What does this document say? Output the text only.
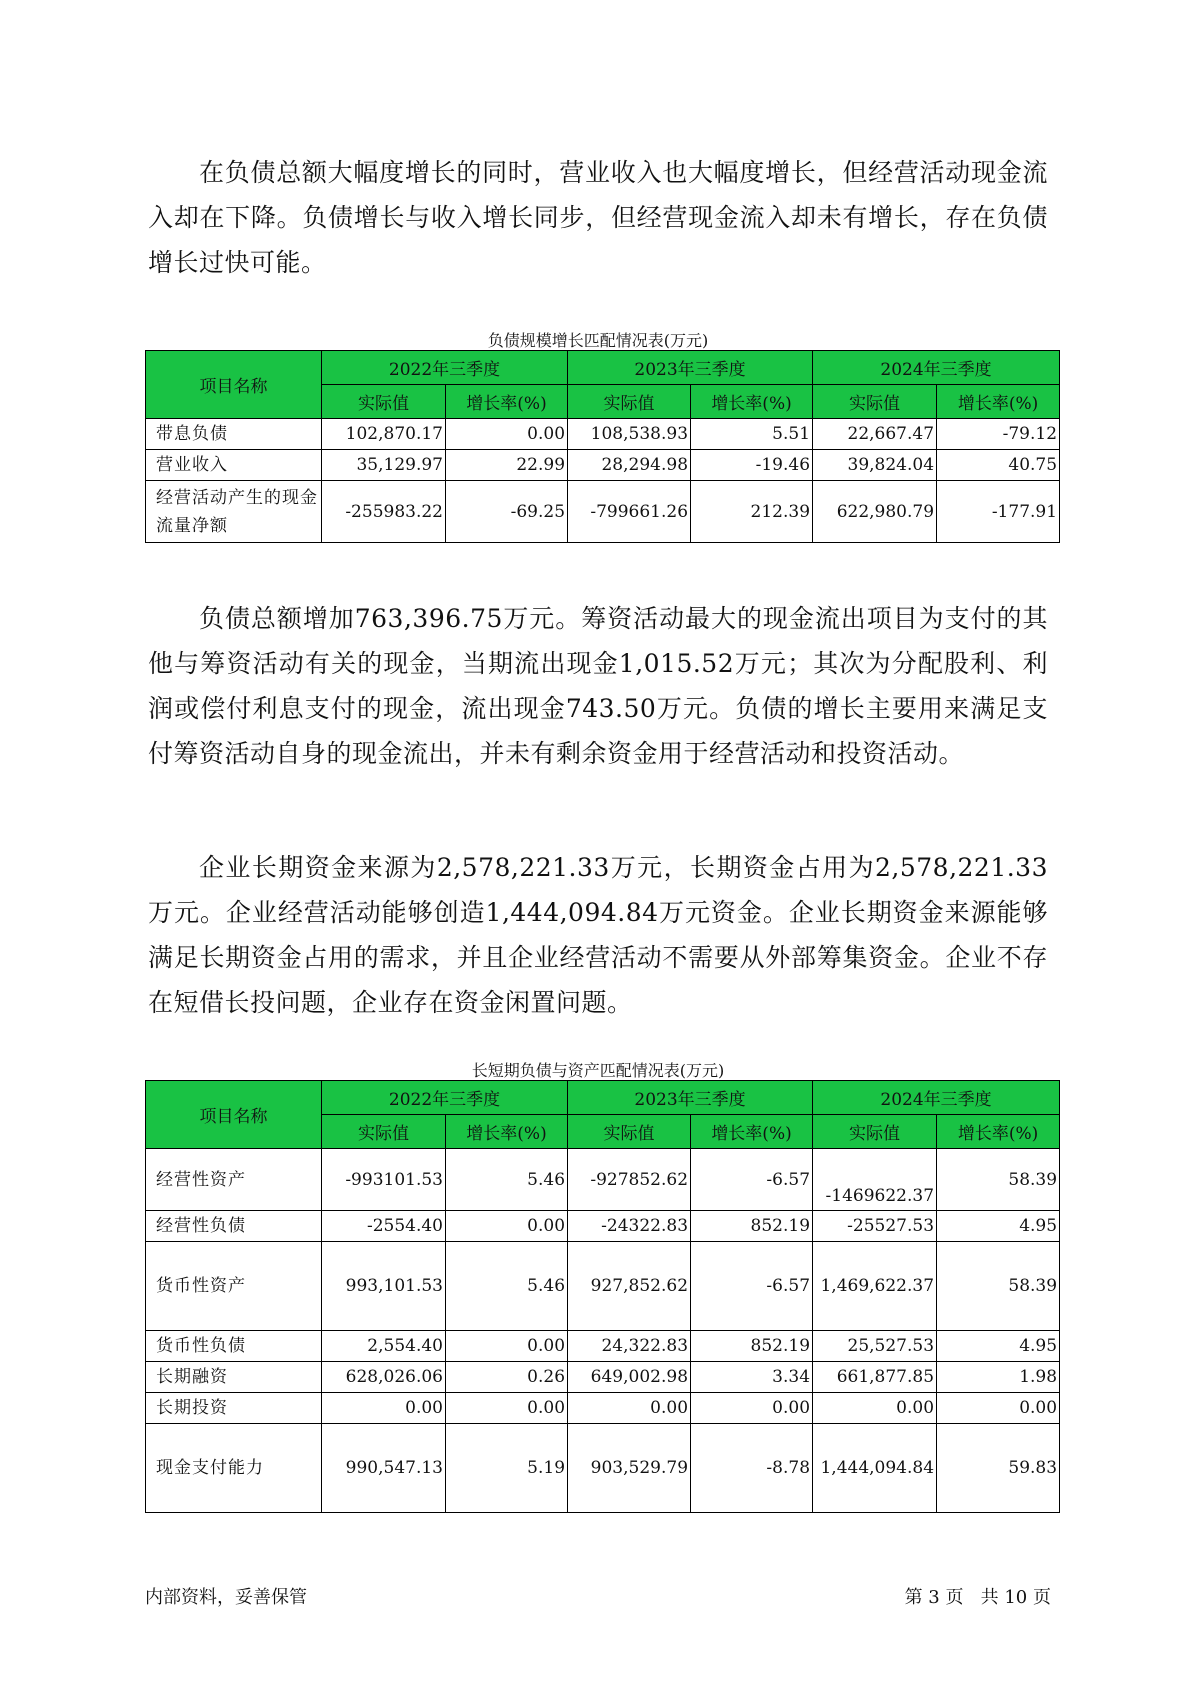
在负债总额大幅度增长的同时，营业收入也大幅度增长，但经营活动现金流入却在下降。负债增长与收入增长同步，但经营现金流入却未有增长，存在负债增长过快可能。

负债规模增长匹配情况表(万元)
项目名称	2022年三季度		2023年三季度		2024年三季度	
	实际值	增长率(%)	实际值	增长率(%)	实际值	增长率(%)
带息负债	102,870.17	0.00	108,538.93	5.51	22,667.47	-79.12
营业收入	35,129.97	22.99	28,294.98	-19.46	39,824.04	40.75
经营活动产生的现金流量净额	-255983.22	-69.25	-799661.26	212.39	622,980.79	-177.91

负债总额增加763,396.75万元。筹资活动最大的现金流出项目为支付的其他与筹资活动有关的现金，当期流出现金1,015.52万元；其次为分配股利、利润或偿付利息支付的现金，流出现金743.50万元。负债的增长主要用来满足支付筹资活动自身的现金流出，并未有剩余资金用于经营活动和投资活动。

企业长期资金来源为2,578,221.33万元，长期资金占用为2,578,221.33万元。企业经营活动能够创造1,444,094.84万元资金。企业长期资金来源能够满足长期资金占用的需求，并且企业经营活动不需要从外部筹集资金。企业不存在短借长投问题，企业存在资金闲置问题。

长短期负债与资产匹配情况表(万元)
项目名称	2022年三季度		2023年三季度		2024年三季度	
	实际值	增长率(%)	实际值	增长率(%)	实际值	增长率(%)
经营性资产	-993101.53	5.46	-927852.62	-6.57	-1469622.37	58.39
经营性负债	-2554.40	0.00	-24322.83	852.19	-25527.53	4.95
货币性资产	993,101.53	5.46	927,852.62	-6.57	1,469,622.37	58.39
货币性负债	2,554.40	0.00	24,322.83	852.19	25,527.53	4.95
长期融资	628,026.06	0.26	649,002.98	3.34	661,877.85	1.98
长期投资	0.00	0.00	0.00	0.00	0.00	0.00
现金支付能力	990,547.13	5.19	903,529.79	-8.78	1,444,094.84	59.83
内部资料，妥善保管	第 3 页   共 10 页
